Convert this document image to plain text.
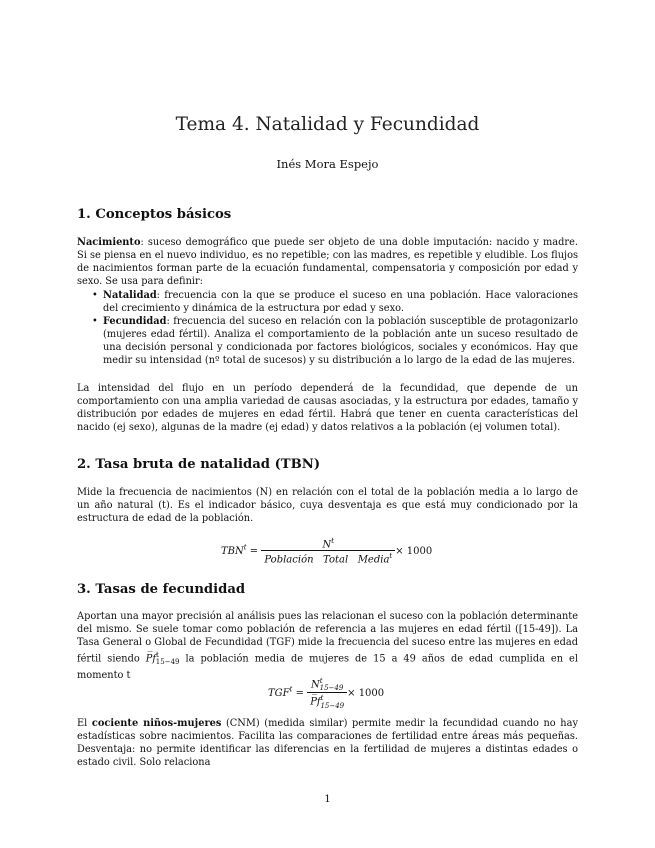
Tema 4. Natalidad y Fecundidad
Inés Mora Espejo
1. Conceptos básicos
Nacimiento: suceso demográfico que puede ser objeto de una doble imputación: nacido y madre. Si se piensa en el nuevo individuo, es no repetible; con las madres, es repetible y eludible. Los flujos de nacimientos forman parte de la ecuación fundamental, compensatoria y composición por edad y sexo. Se usa para definir:
• Natalidad: frecuencia con la que se produce el suceso en una población. Hace valoraciones del crecimiento y dinámica de la estructura por edad y sexo.
• Fecundidad: frecuencia del suceso en relación con la población susceptible de protagonizarlo (mujeres edad fértil). Analiza el comportamiento de la población ante un suceso resultado de una decisión personal y condicionada por factores biológicos, sociales y económicos. Hay que medir su intensidad (nº total de sucesos) y su distribución a lo largo de la edad de las mujeres.
La intensidad del flujo en un período dependerá de la fecundidad, que depende de un comportamiento con una amplia variedad de causas asociadas, y la estructura por edades, tamaño y distribución por edades de mujeres en edad fértil. Habrá que tener en cuenta características del nacido (ej sexo), algunas de la madre (ej edad) y datos relativos a la población (ej volumen total).
2. Tasa bruta de natalidad (TBN)
Mide la frecuencia de nacimientos (N) en relación con el total de la población media a lo largo de un año natural (t). Es el indicador básico, cuya desventaja es que está muy condicionado por la estructura de edad de la población.
$TBN^t = \frac{N^t}{Población Total Media^t} \times 1000$
3. Tasas de fecundidad
Aportan una mayor precisión al análisis pues las relacionan el suceso con la población determinante del mismo. Se suele tomar como población de referencia a las mujeres en edad fértil ([15-49]). La Tasa General o Global de Fecundidad (TGF) mide la frecuencia del suceso entre las mujeres en edad fértil siendo $P̅f^t_{15-49}$ la población media de mujeres de 15 a 49 años de edad cumplida en el momento t
$TGF^t = \frac{N^t_{15-49}}{P̅f^t_{15-49}} \times 1000$
El cociente niños-mujeres (CNM) (medida similar) permite medir la fecundidad cuando no hay estadísticas sobre nacimientos. Facilita las comparaciones de fertilidad entre áreas más pequeñas. Desventaja: no permite identificar las diferencias en la fertilidad de mujeres a distintas edades o estado civil. Solo relaciona
1
